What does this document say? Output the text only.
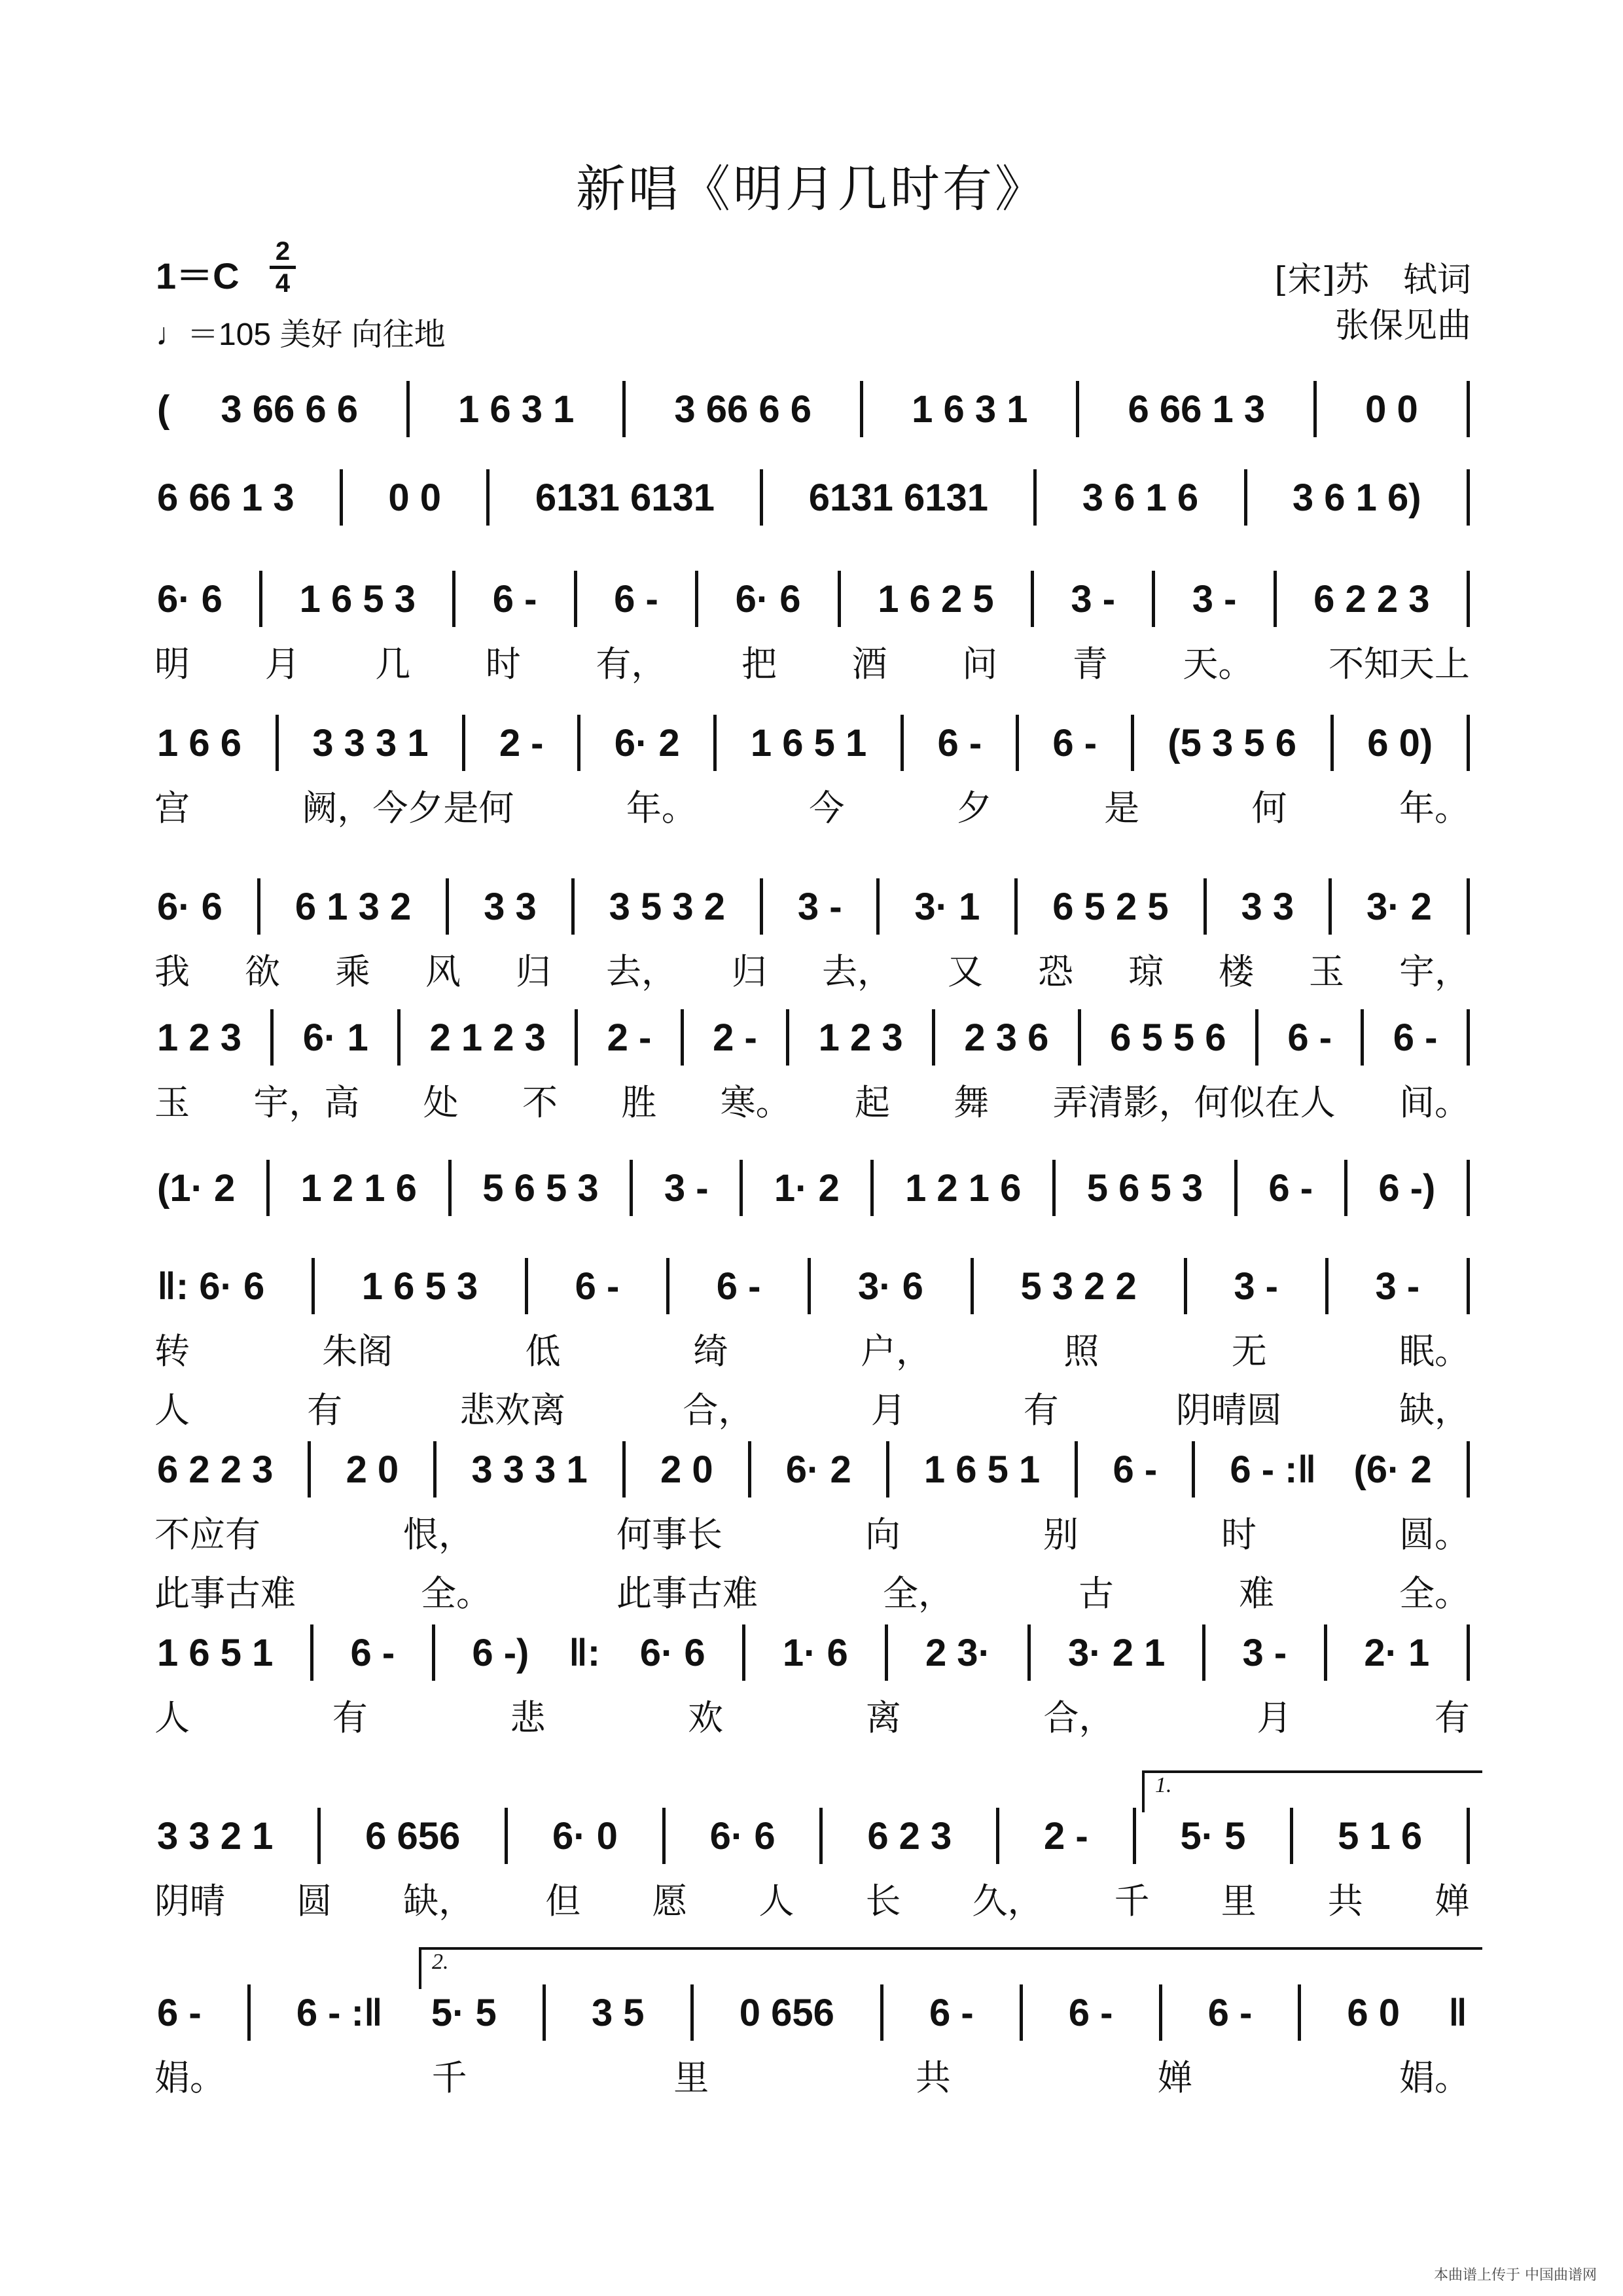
新唱《明月几时有》
1＝C
2
4
♩＝105 美好 向往地
[宋]苏　轼词
张保见曲
( 3 66 6 6	1 6 3 1	3 66 6 6	1 6 3 1	6 66 1 3	0 0
6 66 1 3 0 0 6131 6131 6131 6131 3 6 1 6 3 6 1 6)
6· 6 1 6 5 3 6 - 6 - 6· 6 1 6 2 5 3 - 3 - 6 2 2 3
明 月 几 时 有， 把 酒 问 青 天。 不知天上
1 6 6 3 3 3 1 2 - 6· 2 1 6 5 1 6 - 6 - (5 3 5 6 6 0)
宫	阙，今夕是何	年。	今	夕	是	何	年。
6· 6 6 1 3 2 3 3 3 5 3 2 3 - 3· 1 6 5 2 5 3 3 3· 2
我 欲 乘 风 归 去， 归 去， 又 恐 琼 楼 玉 宇，
1 2 3 6· 1 2 1 2 3 2 - 2 - 1 2 3 2 3 6 6 5 5 6 6 - 6 -
玉 宇，高 处 不 胜 寒。 起 舞 弄清影，何似在人 间。
(1· 2 1 2 1 6 5 6 5 3 3 - 1· 2 1 2 1 6 5 6 5 3 6 - 6 -)
‖: 6· 6	1 6 5 3	6 -	6 -	3· 6	5 3 2 2	3 -	3 -
转	朱阁	低	绮	户，	照	无	眠。
人	有	悲欢离	合，	月	有	阴晴圆	缺，
6 2 2 3 2 0 3 3 3 1 2 0 6· 2 1 6 5 1 6 - 6 - :‖ (6· 2
不应有	恨，	何事长	向	别	时	圆。
此事古难	全。	此事古难	全，	古	难	全。
1 6 5 1 6 - 6 -) ‖: 6· 6 1· 6 2 3· 3· 2 1 3 - 2· 1
人	有	悲	欢	离	合，	月	有
3 3 2 1 6 656 6· 0 6· 6 6 2 3 2 - 5· 5 5 1 6
1.
阴晴 圆 缺， 但 愿 人 长 久， 千 里 共 婵
6 -	6 - :‖ 5· 5	3 5	0 656	6 -	6 -	6 -	6 0 ‖
2.
娟。	千	里	共	婵	娟。
本曲谱上传于 中国曲谱网
